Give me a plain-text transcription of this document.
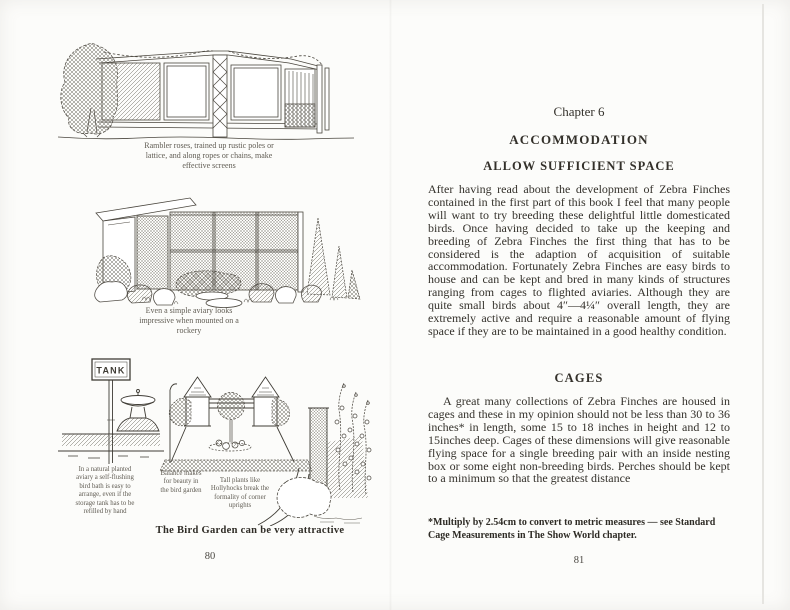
Rambler roses, trained up rustic poles or lattice, and along ropes or chains, make effective screens
Even a simple aviary looks impressive when mounted on a rockery
TANK
In a natural planted aviary a self-flushing bird bath is easy to arrange, even if the storage tank has to be refilled by hand
Balance makes for beauty in the bird garden
Tall plants like Hollyhocks break the formality of corner uprights
The Bird Garden can be very attractive
80
Chapter 6
ACCOMMODATION
ALLOW SUFFICIENT SPACE
After having read about the development of Zebra Finches contained in the first part of this book I feel that many people will want to try breeding these delightful little domesticated birds. Once having decided to take up the keeping and breeding of Zebra Finches the first thing that has to be considered is the adaption of acquisition of suitable accommodation. Fortunately Zebra Finches are easy birds to house and can be kept and bred in many kinds of structures ranging from cages to flighted aviaries. Although they are quite small birds about 4″—4¼″ overall length, they are extremely active and require a reasonable amount of flying space if they are to be maintained in a good healthy condition.
CAGES
A great many collections of Zebra Finches are housed in cages and these in my opinion should not be less than 30 to 36 inches* in length, some 15 to 18 inches in height and 12 to 15inches deep. Cages of these dimensions will give reasonable flying space for a single breeding pair with an inside nesting box or some eight non-breeding birds. Perches should be kept to a minimum so that the greatest distance
*Multiply by 2.54cm to convert to metric measures — see Standard Cage Measurements in The Show World chapter.
81
